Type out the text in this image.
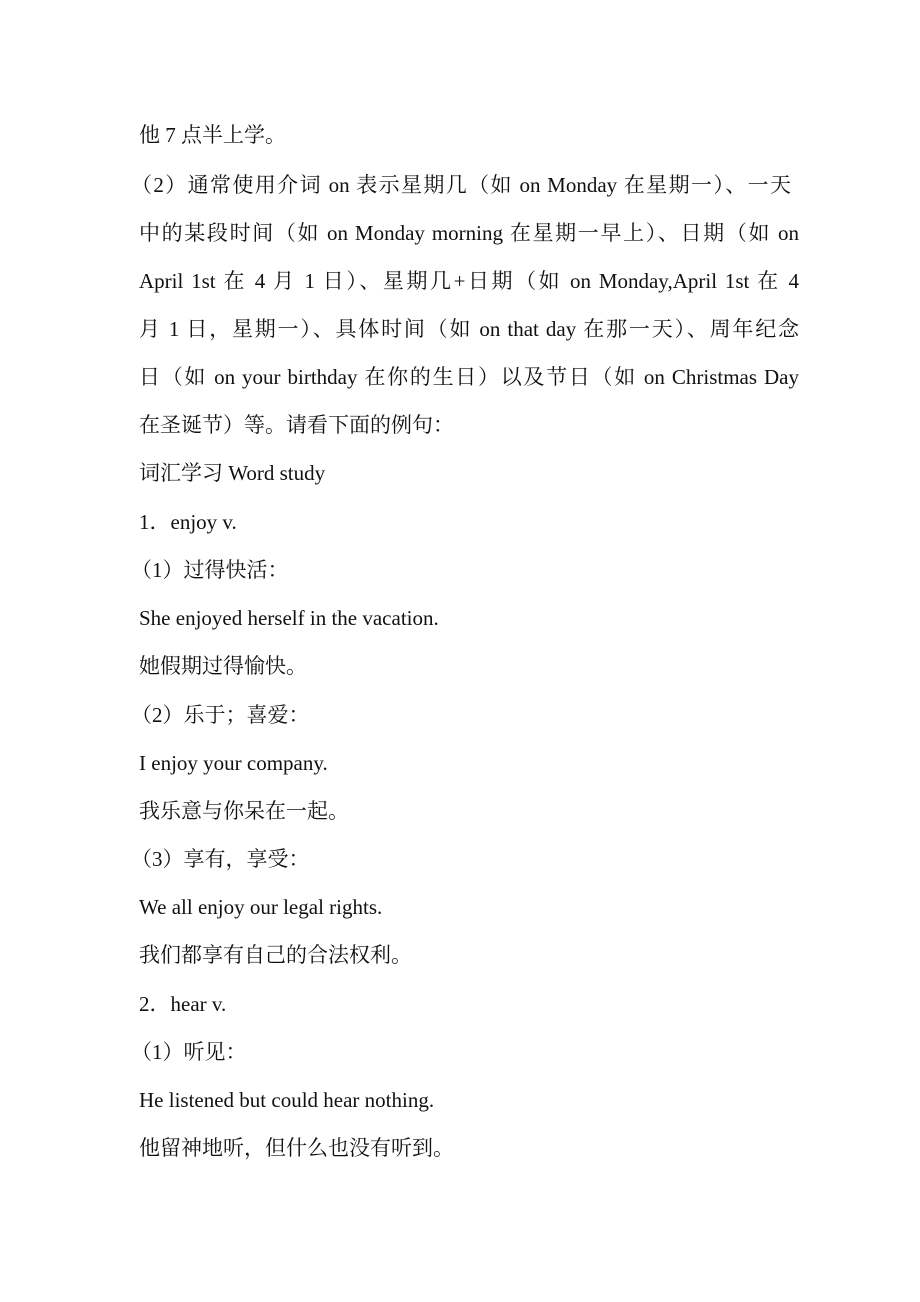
他 7 点半上学。
（2）通常使用介词 on 表示星期几（如 on Monday 在星期一）、一天
中的某段时间（如 on Monday morning 在星期一早上）、日期（如 on
April 1st 在 4 月 1 日）、星期几+日期（如 on Monday,April 1st 在 4
月 1 日，星期一）、具体时间（如 on that day 在那一天）、周年纪念
日（如 on your birthday 在你的生日）以及节日（如 on Christmas Day
在圣诞节）等。请看下面的例句：
词汇学习 Word study
1．enjoy v.
（1）过得快活：
She enjoyed herself in the vacation.
她假期过得愉快。
（2）乐于；喜爱：
I enjoy your company.
我乐意与你呆在一起。
（3）享有，享受：
We all enjoy our legal rights.
我们都享有自己的合法权利。
2．hear v.
（1）听见：
He listened but could hear nothing.
他留神地听，但什么也没有听到。
